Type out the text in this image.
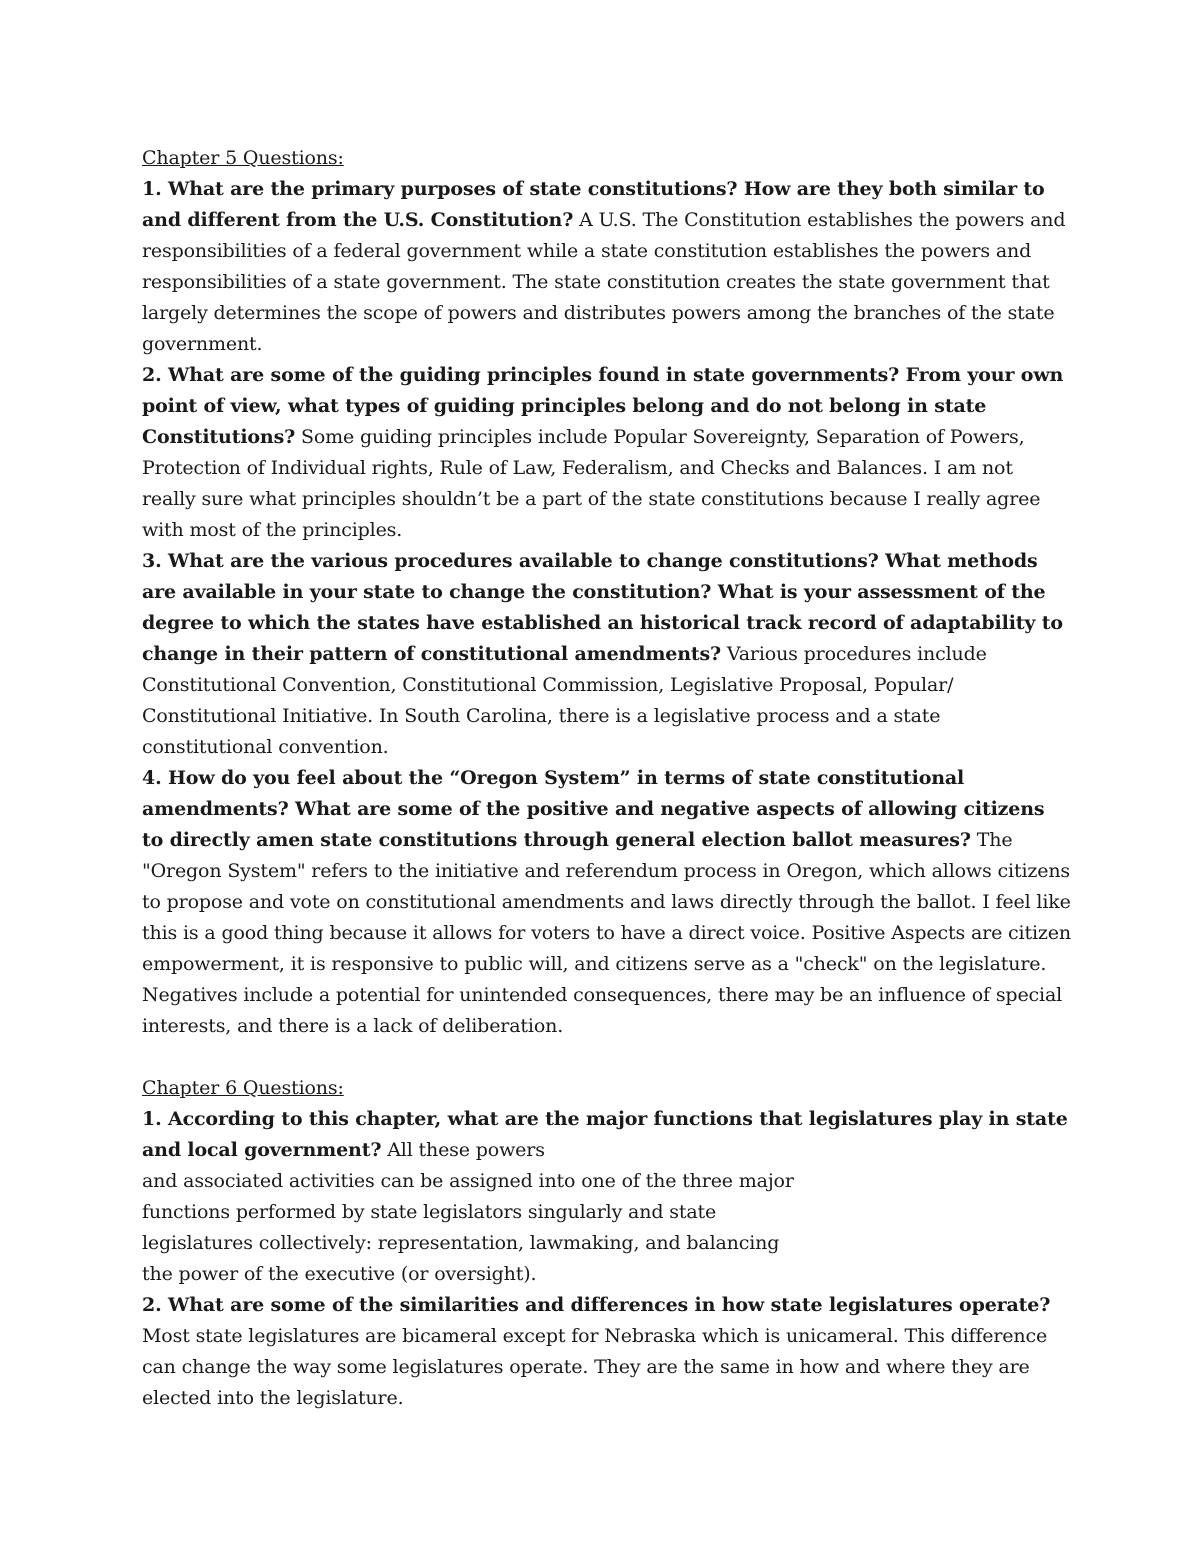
Chapter 5 Questions:

1. What are the primary purposes of state constitutions? How are they both similar to and different from the U.S. Constitution? A U.S. The Constitution establishes the powers and responsibilities of a federal government while a state constitution establishes the powers and responsibilities of a state government. The state constitution creates the state government that largely determines the scope of powers and distributes powers among the branches of the state government.

2. What are some of the guiding principles found in state governments? From your own point of view, what types of guiding principles belong and do not belong in state Constitutions? Some guiding principles include Popular Sovereignty, Separation of Powers, Protection of Individual rights, Rule of Law, Federalism, and Checks and Balances. I am not really sure what principles shouldn’t be a part of the state constitutions because I really agree with most of the principles.

3. What are the various procedures available to change constitutions? What methods are available in your state to change the constitution? What is your assessment of the degree to which the states have established an historical track record of adaptability to change in their pattern of constitutional amendments? Various procedures include Constitutional Convention, Constitutional Commission, Legislative Proposal, Popular/ Constitutional Initiative. In South Carolina, there is a legislative process and a state constitutional convention.

4. How do you feel about the “Oregon System” in terms of state constitutional amendments? What are some of the positive and negative aspects of allowing citizens to directly amen state constitutions through general election ballot measures? The "Oregon System" refers to the initiative and referendum process in Oregon, which allows citizens to propose and vote on constitutional amendments and laws directly through the ballot. I feel like this is a good thing because it allows for voters to have a direct voice. Positive Aspects are citizen empowerment, it is responsive to public will, and citizens serve as a "check" on the legislature. Negatives include a potential for unintended consequences, there may be an influence of special interests, and there is a lack of deliberation.

Chapter 6 Questions:

1. According to this chapter, what are the major functions that legislatures play in state and local government? All these powers
and associated activities can be assigned into one of the three major
functions performed by state legislators singularly and state
legislatures collectively: representation, lawmaking, and balancing
the power of the executive (or oversight).

2. What are some of the similarities and differences in how state legislatures operate? Most state legislatures are bicameral except for Nebraska which is unicameral. This difference can change the way some legislatures operate. They are the same in how and where they are elected into the legislature.
